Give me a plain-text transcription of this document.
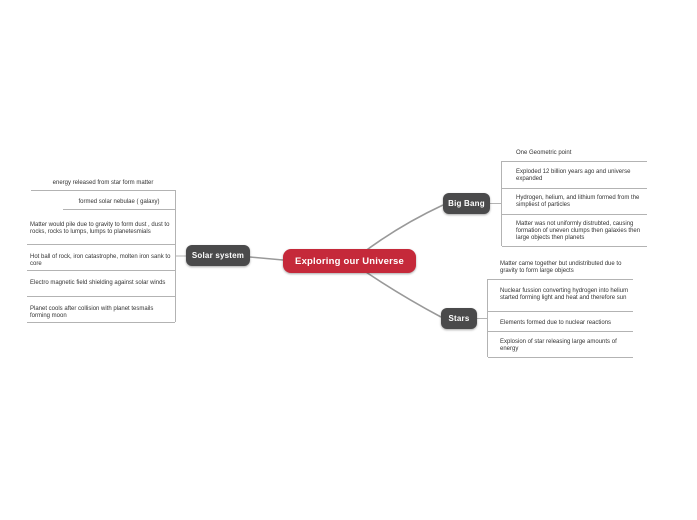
energy released from star form matter
formed solar nebulae ( galaxy)
Matter would pile due to gravity to form dust , dust to rocks, rocks to lumps, lumps to planetesmials
Hot ball of rock, iron catastrophe, molten iron sank to core
Electro magnetic field shielding against solar winds
Planet cools after collision with planet tesmails forming moon
One Geometric point
Exploded 12 billion years ago and universe expanded
Hydrogen, helium, and lithium formed from the simpliest of particles
Matter was not uniformly distrubted, causing formation of uneven clumps then galaxies then large objects then planets
Matter came together but undistributed due to gravity to form large objects
Nuclear fussion converting hydrogen into helium started forming light and heat and therefore sun
Elements formed due to nuclear reactions
Explosion of star releasing large amounts of energy
Solar system
Big Bang
Stars
Exploring our Universe
